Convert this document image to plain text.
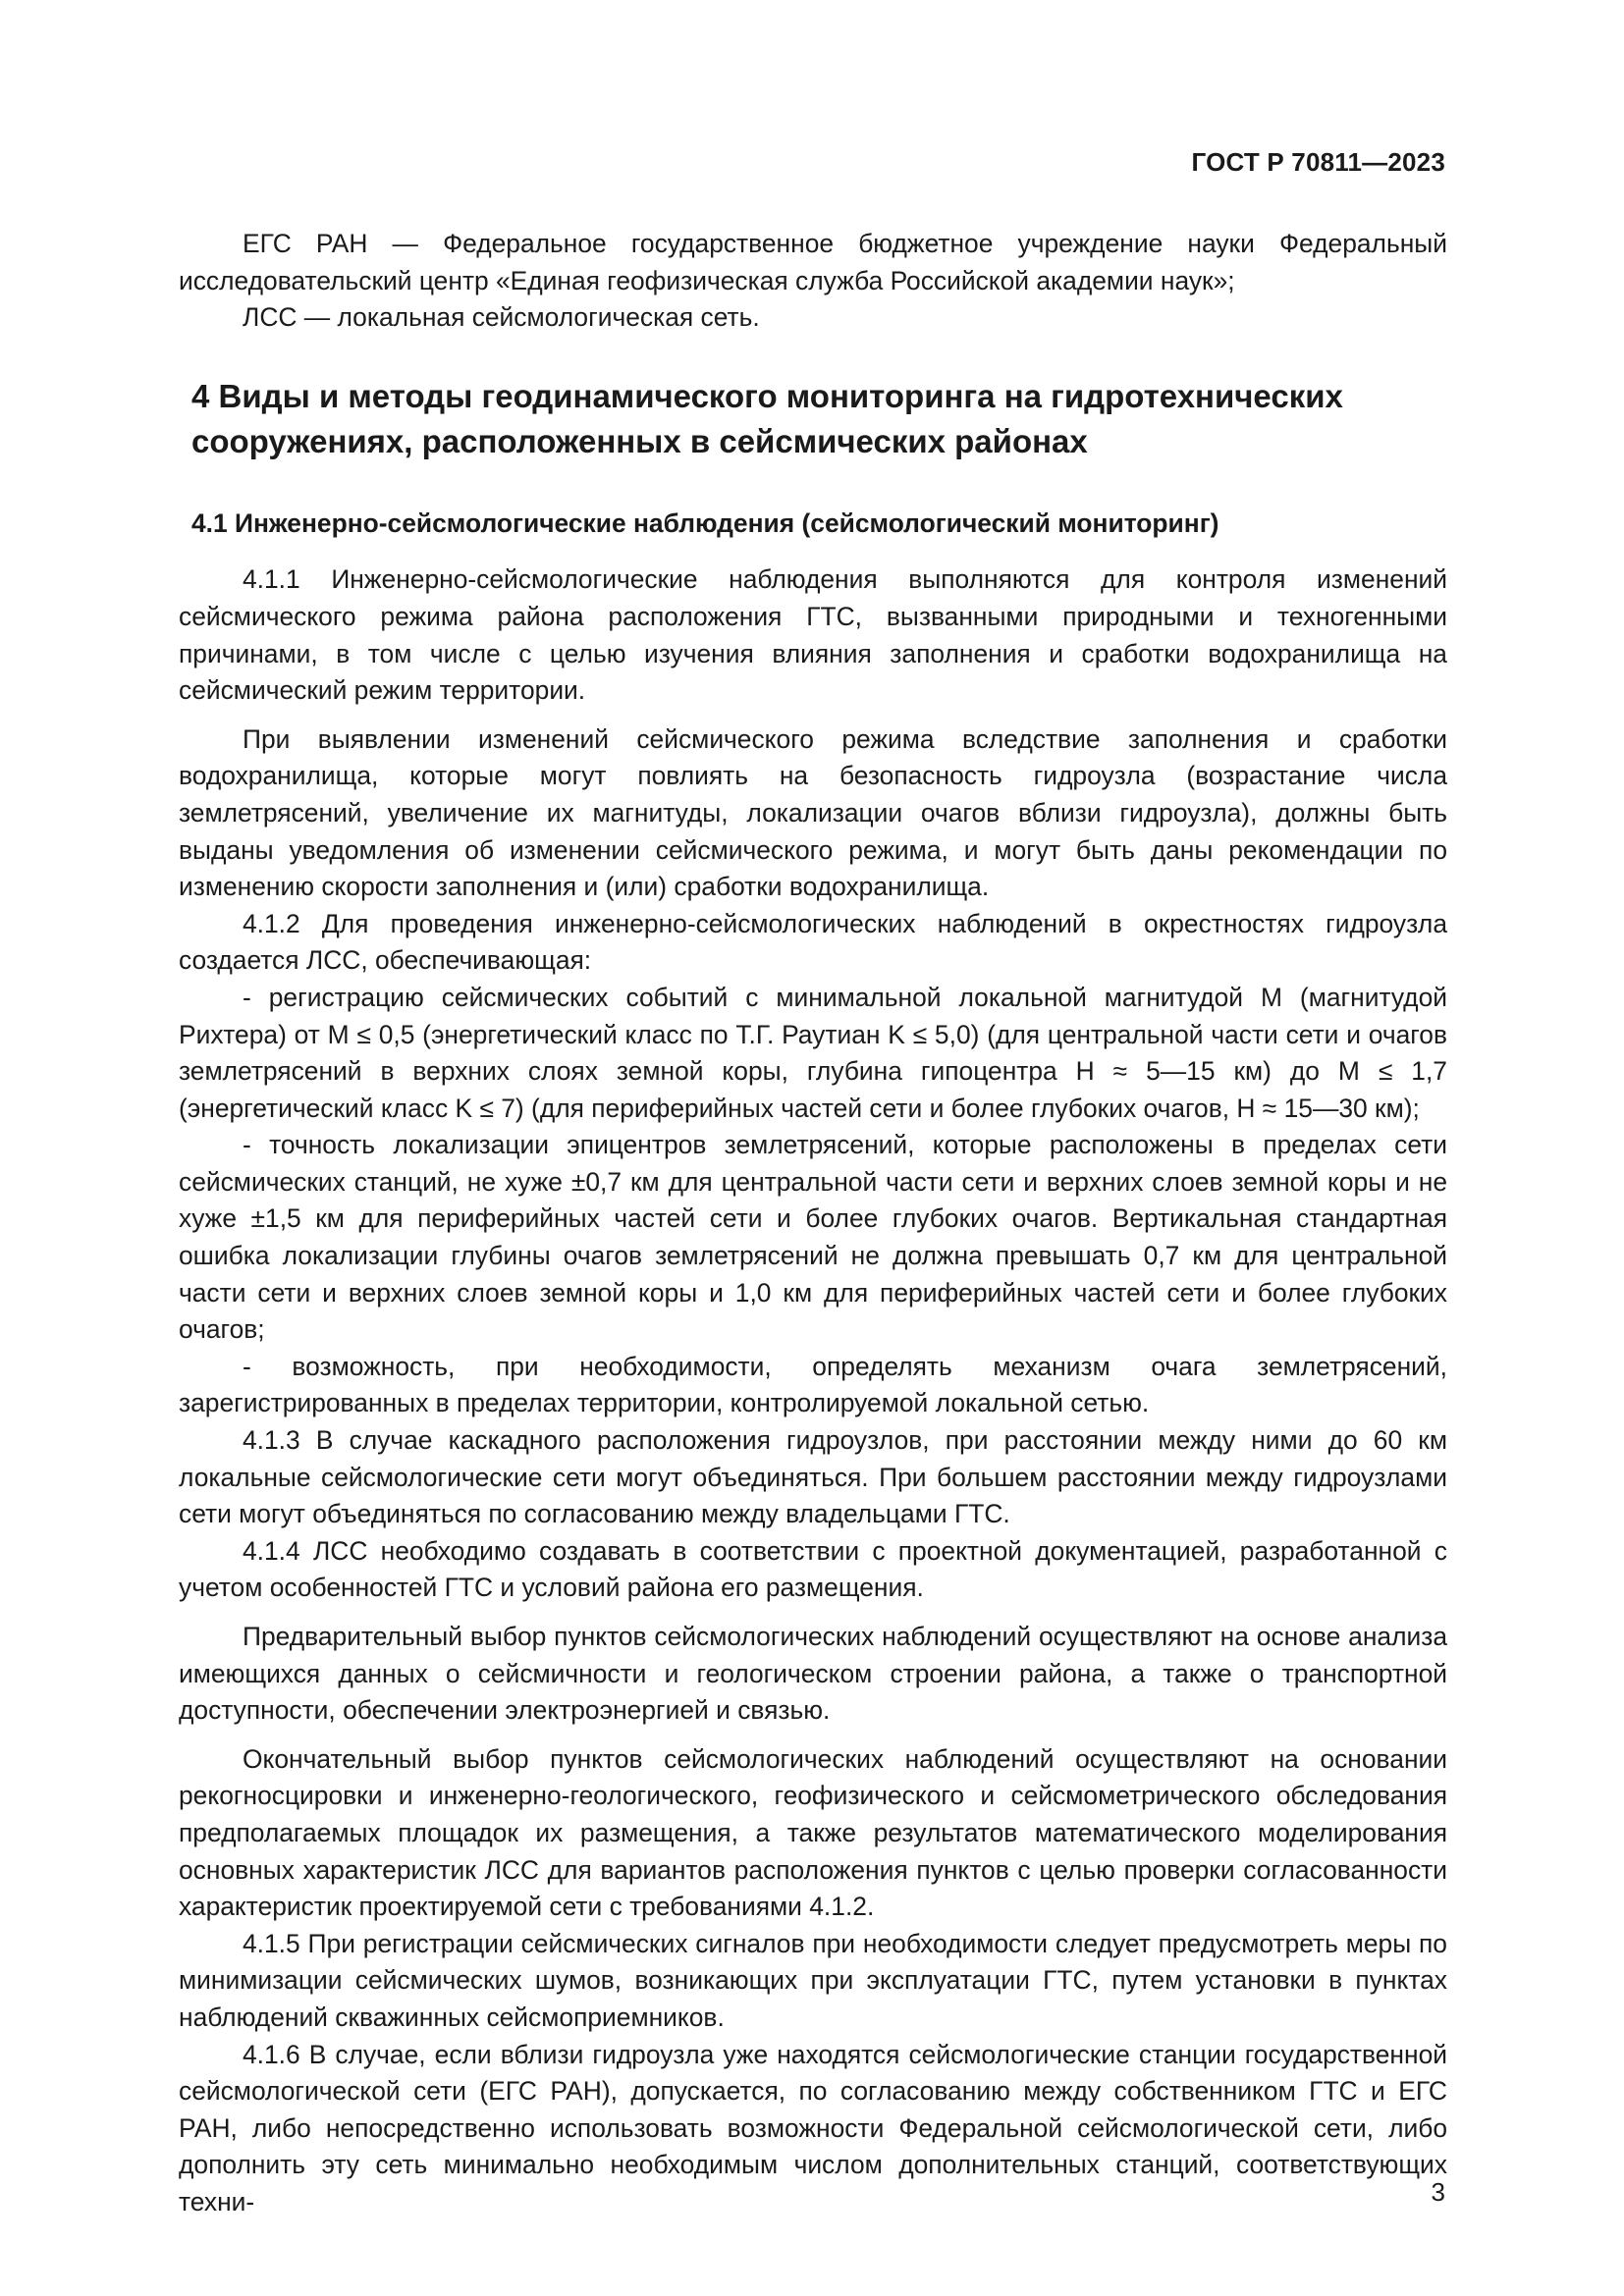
ГОСТ Р 70811—2023

ЕГС РАН — Федеральное государственное бюджетное учреждение науки Федеральный исследовательский центр «Единая геофизическая служба Российской академии наук»;

ЛСС — локальная сейсмологическая сеть.

4 Виды и методы геодинамического мониторинга на гидротехнических сооружениях, расположенных в сейсмических районах
4.1 Инженерно-сейсмологические наблюдения (сейсмологический мониторинг)

4.1.1 Инженерно-сейсмологические наблюдения выполняются для контроля изменений сейсмического режима района расположения ГТС, вызванными природными и техногенными причинами, в том числе с целью изучения влияния заполнения и сработки водохранилища на сейсмический режим территории.

При выявлении изменений сейсмического режима вследствие заполнения и сработки водохранилища, которые могут повлиять на безопасность гидроузла (возрастание числа землетрясений, увеличение их магнитуды, локализации очагов вблизи гидроузла), должны быть выданы уведомления об изменении сейсмического режима, и могут быть даны рекомендации по изменению скорости заполнения и (или) сработки водохранилища.

4.1.2 Для проведения инженерно-сейсмологических наблюдений в окрестностях гидроузла создается ЛСС, обеспечивающая:

- регистрацию сейсмических событий с минимальной локальной магнитудой M (магнитудой Рихтера) от M ≤ 0,5 (энергетический класс по Т.Г. Раутиан K ≤ 5,0) (для центральной части сети и очагов землетрясений в верхних слоях земной коры, глубина гипоцентра H ≈ 5—15 км) до M ≤ 1,7 (энергетический класс K ≤ 7) (для периферийных частей сети и более глубоких очагов, H ≈ 15—30 км);

- точность локализации эпицентров землетрясений, которые расположены в пределах сети сейсмических станций, не хуже ±0,7 км для центральной части сети и верхних слоев земной коры и не хуже ±1,5 км для периферийных частей сети и более глубоких очагов. Вертикальная стандартная ошибка локализации глубины очагов землетрясений не должна превышать 0,7 км для центральной части сети и верхних слоев земной коры и 1,0 км для периферийных частей сети и более глубоких очагов;

- возможность, при необходимости, определять механизм очага землетрясений, зарегистрированных в пределах территории, контролируемой локальной сетью.

4.1.3 В случае каскадного расположения гидроузлов, при расстоянии между ними до 60 км локальные сейсмологические сети могут объединяться. При большем расстоянии между гидроузлами сети могут объединяться по согласованию между владельцами ГТС.

4.1.4 ЛСС необходимо создавать в соответствии с проектной документацией, разработанной с учетом особенностей ГТС и условий района его размещения.

Предварительный выбор пунктов сейсмологических наблюдений осуществляют на основе анализа имеющихся данных о сейсмичности и геологическом строении района, а также о транспортной доступности, обеспечении электроэнергией и связью.

Окончательный выбор пунктов сейсмологических наблюдений осуществляют на основании рекогносцировки и инженерно-геологического, геофизического и сейсмометрического обследования предполагаемых площадок их размещения, а также результатов математического моделирования основных характеристик ЛСС для вариантов расположения пунктов с целью проверки согласованности характеристик проектируемой сети с требованиями 4.1.2.

4.1.5 При регистрации сейсмических сигналов при необходимости следует предусмотреть меры по минимизации сейсмических шумов, возникающих при эксплуатации ГТС, путем установки в пунктах наблюдений скважинных сейсмоприемников.

4.1.6 В случае, если вблизи гидроузла уже находятся сейсмологические станции государственной сейсмологической сети (ЕГС РАН), допускается, по согласованию между собственником ГТС и ЕГС РАН, либо непосредственно использовать возможности Федеральной сейсмологической сети, либо дополнить эту сеть минимально необходимым числом дополнительных станций, соответствующих техни-	3
